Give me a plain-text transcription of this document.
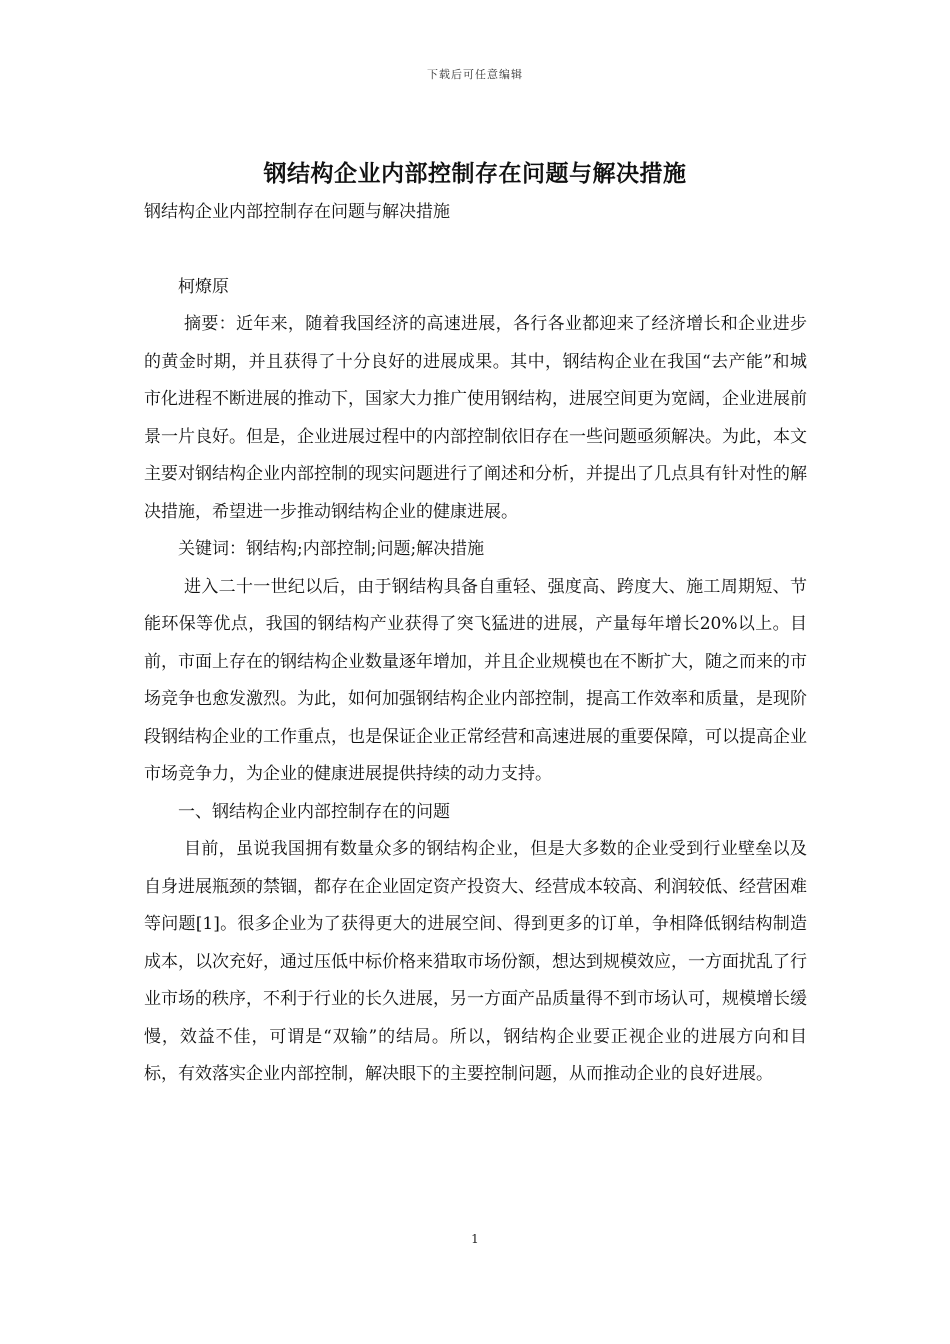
下载后可任意编辑
钢结构企业内部控制存在问题与解决措施

钢结构企业内部控制存在问题与解决措施

柯燎原

摘要：近年来，随着我国经济的高速进展，各行各业都迎来了经济增长和企业进步的黄金时期，并且获得了十分良好的进展成果。其中，钢结构企业在我国“去产能”和城市化进程不断进展的推动下，国家大力推广使用钢结构，进展空间更为宽阔，企业进展前景一片良好。但是，企业进展过程中的内部控制依旧存在一些问题亟须解决。为此，本文主要对钢结构企业内部控制的现实问题进行了阐述和分析，并提出了几点具有针对性的解决措施，希望进一步推动钢结构企业的健康进展。

关键词：钢结构;内部控制;问题;解决措施

进入二十一世纪以后，由于钢结构具备自重轻、强度高、跨度大、施工周期短、节能环保等优点，我国的钢结构产业获得了突飞猛进的进展，产量每年增长20%以上。目前，市面上存在的钢结构企业数量逐年增加，并且企业规模也在不断扩大，随之而来的市场竞争也愈发激烈。为此，如何加强钢结构企业内部控制，提高工作效率和质量，是现阶段钢结构企业的工作重点，也是保证企业正常经营和高速进展的重要保障，可以提高企业市场竞争力，为企业的健康进展提供持续的动力支持。

一、钢结构企业内部控制存在的问题

目前，虽说我国拥有数量众多的钢结构企业，但是大多数的企业受到行业壁垒以及自身进展瓶颈的禁锢，都存在企业固定资产投资大、经营成本较高、利润较低、经营困难等问题[1]。很多企业为了获得更大的进展空间、得到更多的订单，争相降低钢结构制造成本，以次充好，通过压低中标价格来猎取市场份额，想达到规模效应，一方面扰乱了行业市场的秩序，不利于行业的长久进展，另一方面产品质量得不到市场认可，规模增长缓慢，效益不佳，可谓是“双输”的结局。所以，钢结构企业要正视企业的进展方向和目标，有效落实企业内部控制，解决眼下的主要控制问题，从而推动企业的良好进展。

1
